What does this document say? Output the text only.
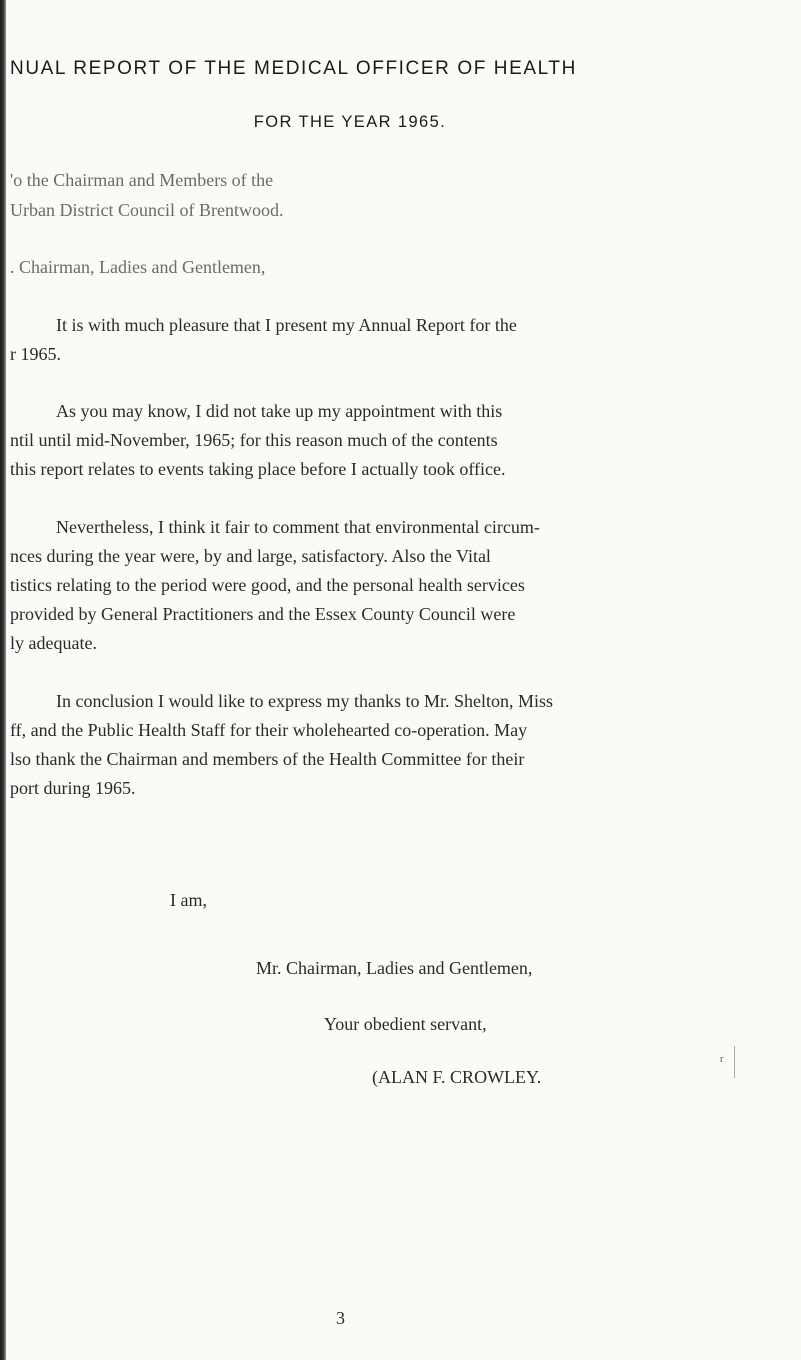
NUAL REPORT OF THE MEDICAL OFFICER OF HEALTH
FOR THE YEAR 1965.
'o the Chairman and Members of the
Urban District Council of Brentwood.
. Chairman, Ladies and Gentlemen,
It is with much pleasure that I present my Annual Report for the
r 1965.
As you may know, I did not take up my appointment with this
ntil until mid-November, 1965; for this reason much of the contents
this report relates to events taking place before I actually took office.
Nevertheless, I think it fair to comment that environmental circum-
nces during the year were, by and large, satisfactory. Also the Vital
tistics relating to the period were good, and the personal health services
provided by General Practitioners and the Essex County Council were
ly adequate.
In conclusion I would like to express my thanks to Mr. Shelton, Miss
ff, and the Public Health Staff for their wholehearted co-operation. May
lso thank the Chairman and members of the Health Committee for their
port during 1965.
I am,
Mr. Chairman, Ladies and Gentlemen,
Your obedient servant,
(ALAN F. CROWLEY.
r
3
